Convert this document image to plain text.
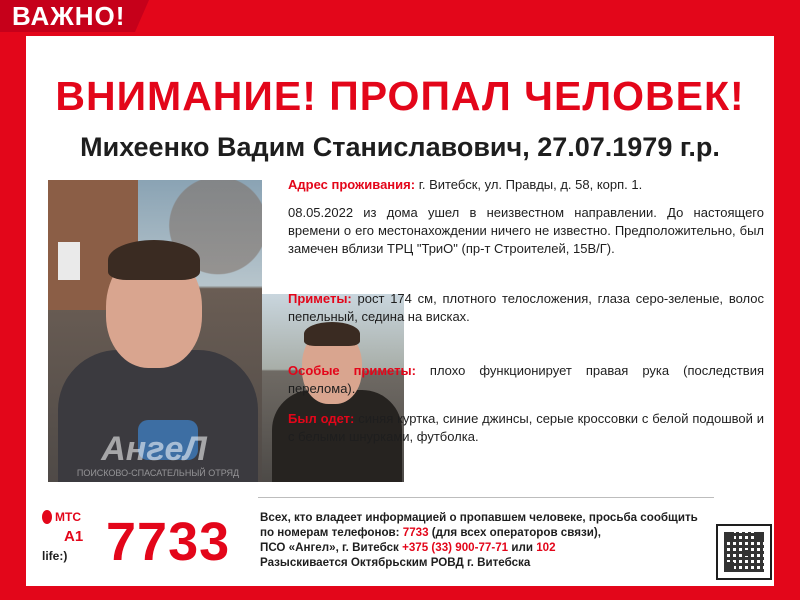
ВАЖНО!
ВНИМАНИЕ! ПРОПАЛ ЧЕЛОВЕК!
Михеенко Вадим Станиславович, 27.07.1979 г.р.
AнгeЛ
ПОИСКОВО-СПАСАТЕЛЬНЫЙ ОТРЯД
Адрес проживания: г. Витебск, ул. Правды, д. 58, корп. 1.
08.05.2022 из дома ушел в неизвестном направлении. До настоящего времени о его местонахождении ничего не известно. Предположительно, был замечен вблизи ТРЦ "ТриО" (пр-т Строителей, 15В/Г).
Приметы: рост 174 см, плотного телосложения, глаза серо-зеленые, волос пепельный, седина на висках.
Особые приметы: плохо функционирует правая рука (последствия перелома).
Был одет: синяя куртка, синие джинсы, серые кроссовки с белой подошвой и с белыми шнурками, футболка.
МТС
A1
life:) 7733	Всех, кто владеет информацией о пропавшем человеке, просьба сообщить
по номерам телефонов: 7733 (для всех операторов связи),
ПСО «Ангел», г. Витебск +375 (33) 900-77-71 или 102
Разыскивается Октябрьским РОВД г. Витебска
